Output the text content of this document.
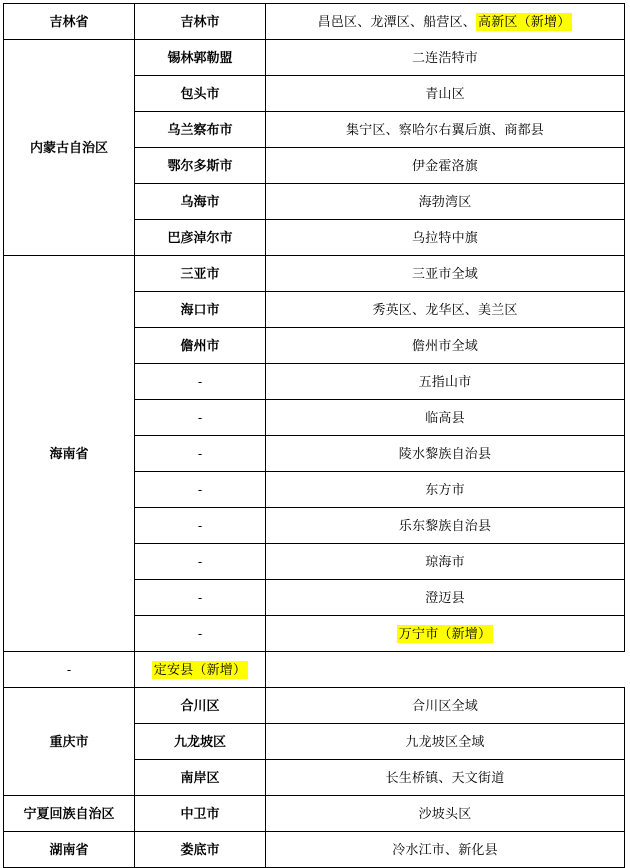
吉林省	吉林市	昌邑区、龙潭区、船营区、 高新区（新增）
内蒙古自治区	锡林郭勒盟	二连浩特市
	包头市	青山区
	乌兰察布市	集宁区、察哈尔右翼后旗、商都县
	鄂尔多斯市	伊金霍洛旗
	乌海市	海勃湾区
	巴彦淖尔市	乌拉特中旗
海南省	三亚市	三亚市全域
	海口市	秀英区、龙华区、美兰区
	儋州市	儋州市全域
	-	五指山市
	-	临高县
	-	陵水黎族自治县
	-	东方市
	-	乐东黎族自治县
	-	琼海市
	-	澄迈县
	-	万宁市（新增）
-	定安县（新增）	
重庆市	合川区	合川区全域
	九龙坡区	九龙坡区全域
	南岸区	长生桥镇、天文街道
宁夏回族自治区	中卫市	沙坡头区
湖南省	娄底市	冷水江市、新化县
